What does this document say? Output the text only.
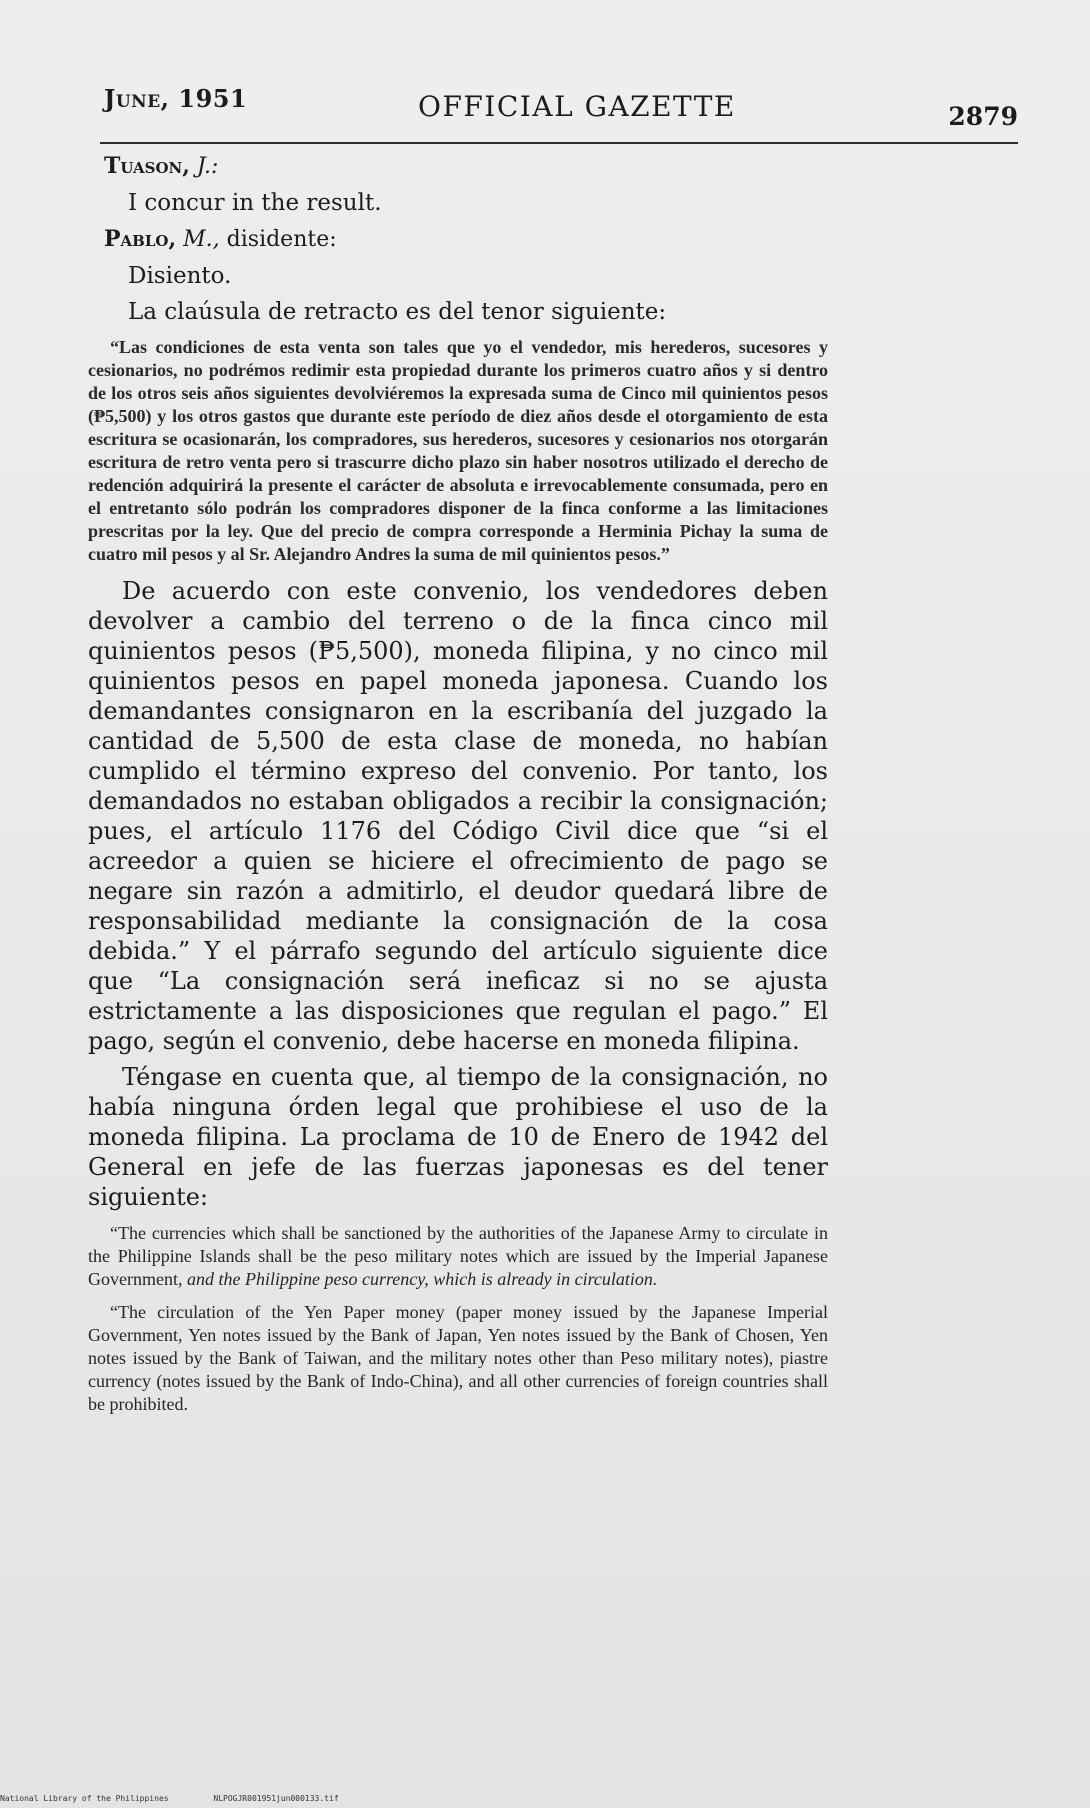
June, 1951	OFFICIAL GAZETTE	2879
Tuason, J.:
I concur in the result.
Pablo, M., disidente:
Disiento.
La claúsula de retracto es del tenor siguiente:

“Las condiciones de esta venta son tales que yo el vendedor, mis herederos, sucesores y cesionarios, no podrémos redimir esta propiedad durante los primeros cuatro años y si dentro de los otros seis años siguientes devolviéremos la expresada suma de Cinco mil quinientos pesos (₱5,500) y los otros gastos que durante este período de diez años desde el otorgamiento de esta escritura se ocasionarán, los compradores, sus herederos, sucesores y cesionarios nos otorgarán escritura de retro venta pero si trascurre dicho plazo sin haber nosotros utilizado el derecho de redención adquirirá la presente el carácter de absoluta e irrevocablemente consumada, pero en el entretanto sólo podrán los compradores disponer de la finca conforme a las limitaciones prescritas por la ley. Que del precio de compra corresponde a Herminia Pichay la suma de cuatro mil pesos y al Sr. Alejandro Andres la suma de mil quinientos pesos.”

De acuerdo con este convenio, los vendedores deben devolver a cambio del terreno o de la finca cinco mil quinientos pesos (₱5,500), moneda filipina, y no cinco mil quinientos pesos en papel moneda japonesa. Cuando los demandantes consignaron en la escribanía del juzgado la cantidad de 5,500 de esta clase de moneda, no habían cumplido el término expreso del convenio. Por tanto, los demandados no estaban obligados a recibir la consignación; pues, el artículo 1176 del Código Civil dice que “si el acreedor a quien se hiciere el ofrecimiento de pago se negare sin razón a admitirlo, el deudor quedará libre de responsabilidad mediante la consignación de la cosa debida.” Y el párrafo segundo del artículo siguiente dice que “La consignación será ineficaz si no se ajusta estrictamente a las disposiciones que regulan el pago.” El pago, según el convenio, debe hacerse en moneda filipina.

Téngase en cuenta que, al tiempo de la consignación, no había ninguna órden legal que prohibiese el uso de la moneda filipina. La proclama de 10 de Enero de 1942 del General en jefe de las fuerzas japonesas es del tener siguiente:

“The currencies which shall be sanctioned by the authorities of the Japanese Army to circulate in the Philippine Islands shall be the peso military notes which are issued by the Imperial Japanese Government, and the Philippine peso currency, which is already in circulation.

“The circulation of the Yen Paper money (paper money issued by the Japanese Imperial Government, Yen notes issued by the Bank of Japan, Yen notes issued by the Bank of Chosen, Yen notes issued by the Bank of Taiwan, and the military notes other than Peso military notes), piastre currency (notes issued by the Bank of Indo-China), and all other currencies of foreign countries shall be prohibited.

National Library of the Philippines	NLPOGJR001951jun000133.tif
